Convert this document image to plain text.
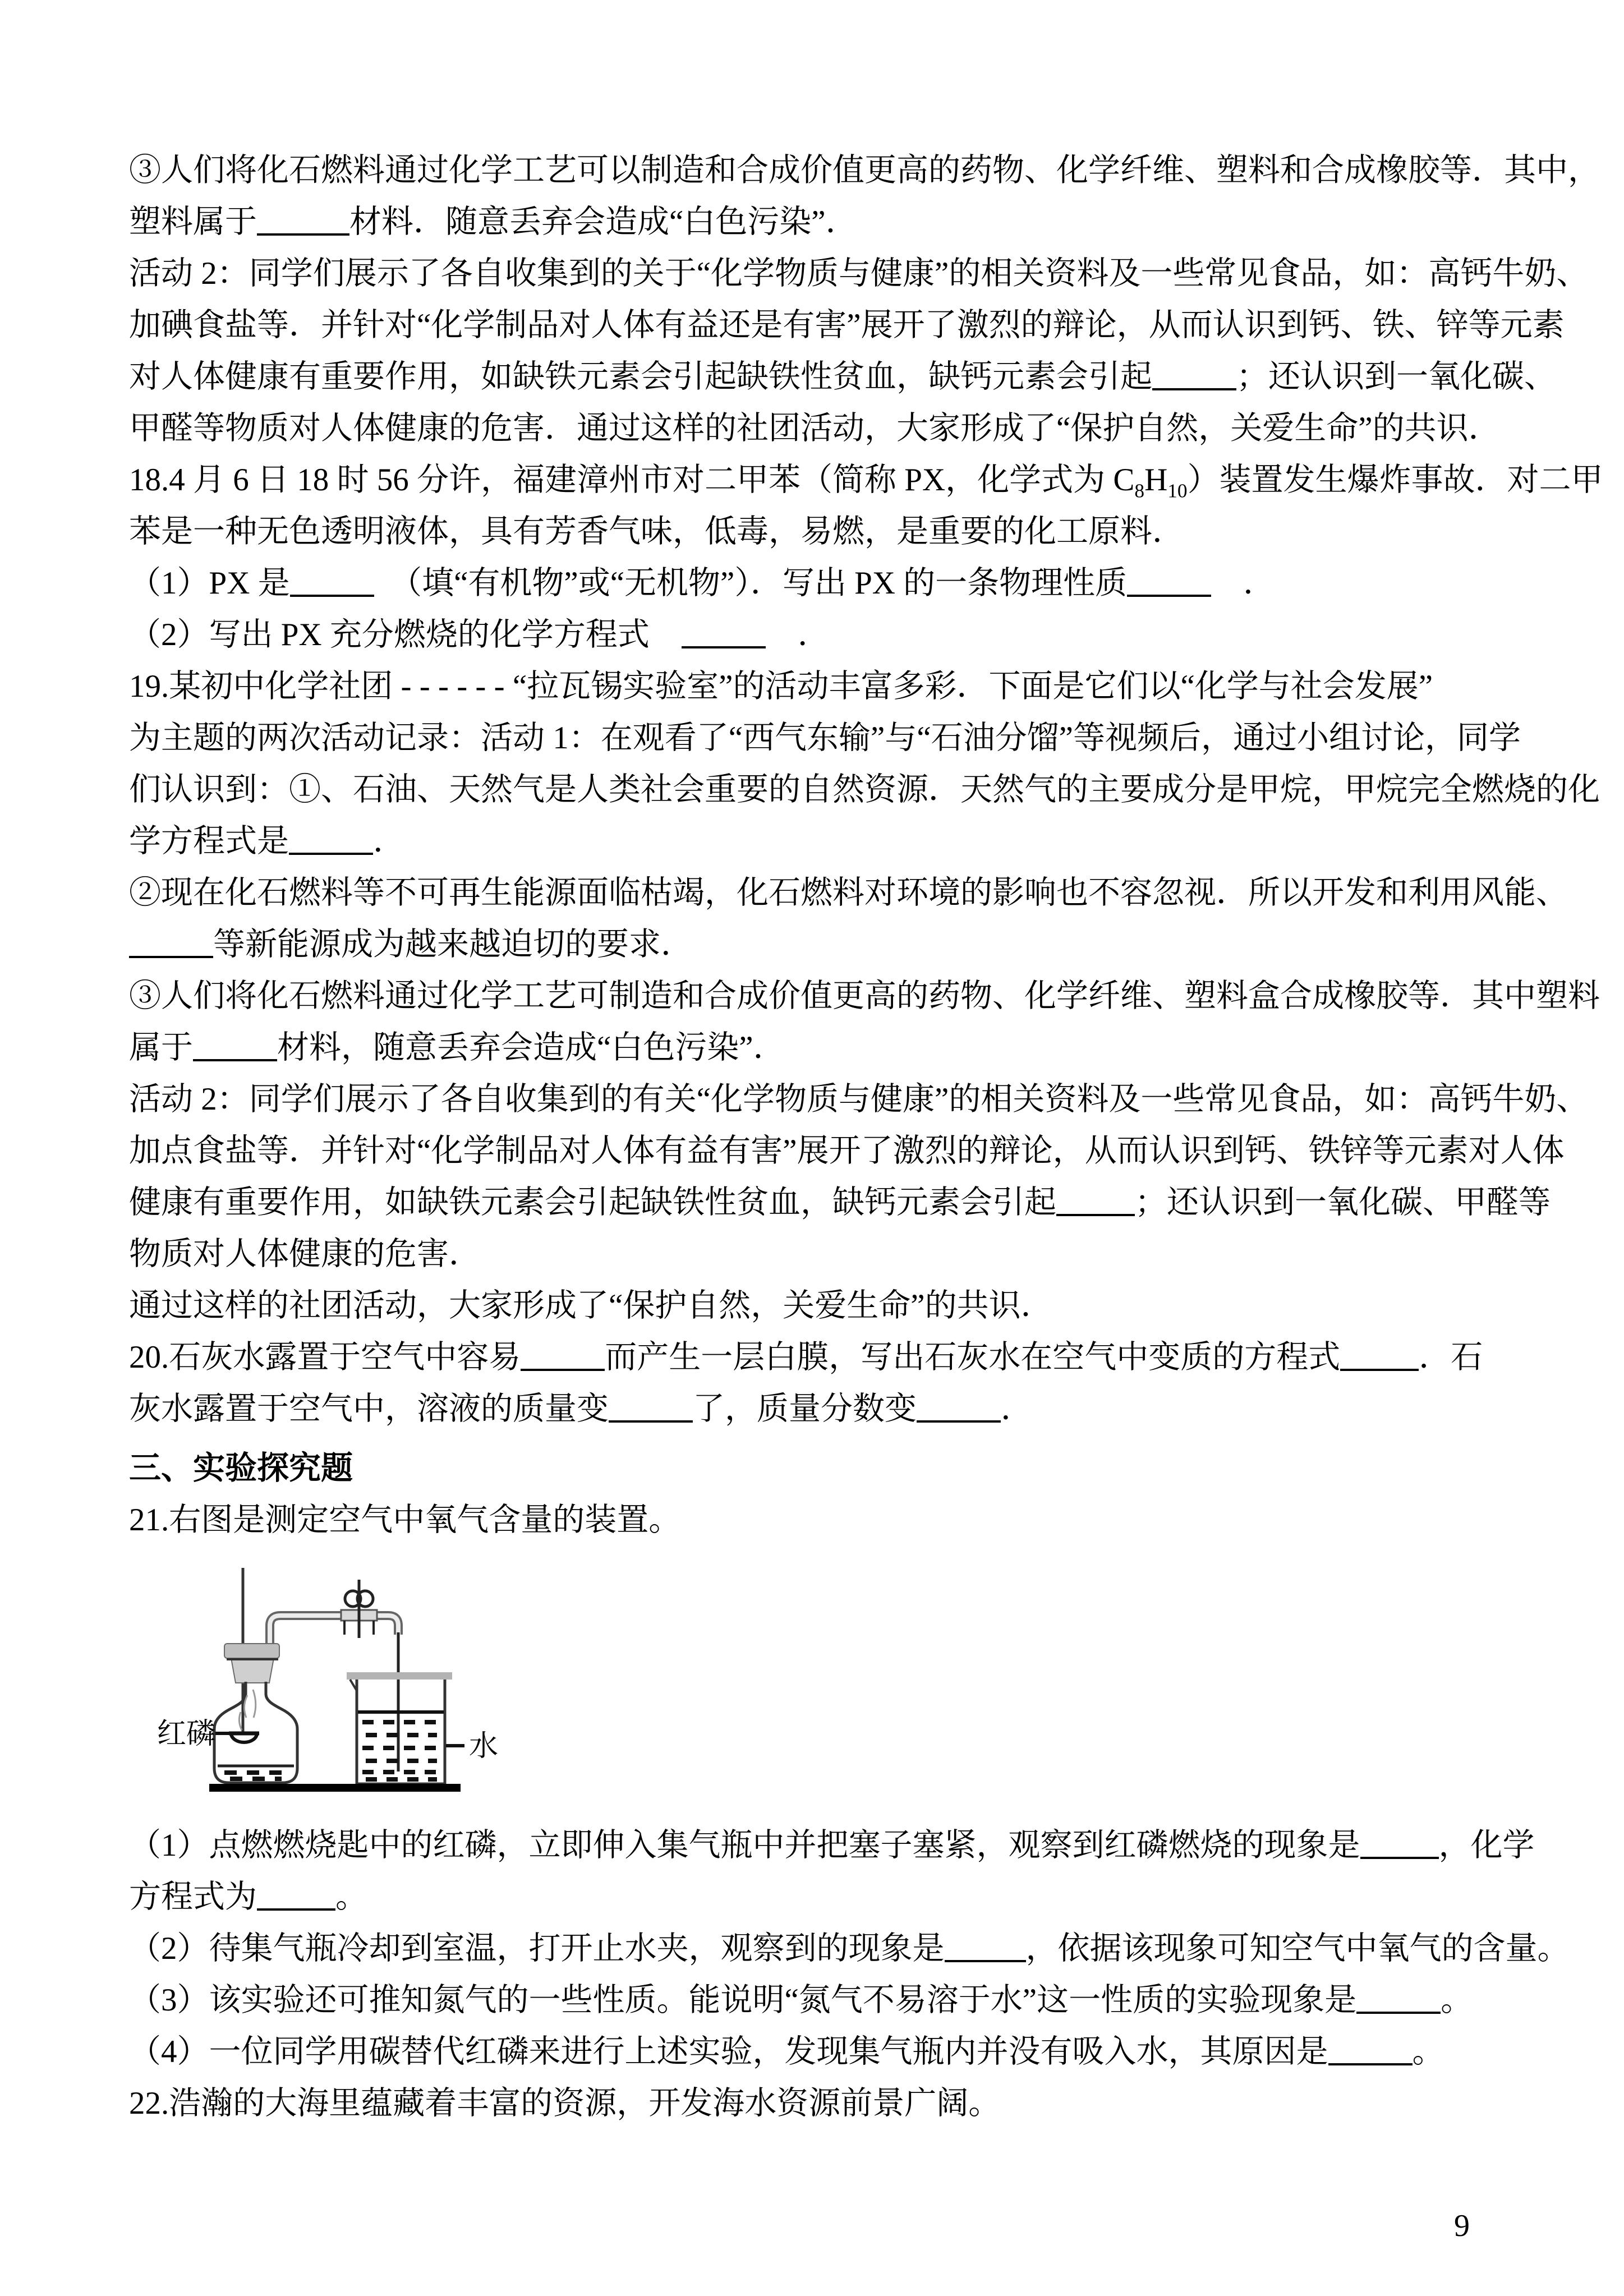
③人们将化石燃料通过化学工艺可以制造和合成价值更高的药物、化学纤维、塑料和合成橡胶等．其中，
塑料属于	材料．随意丢弃会造成“白色污染”．
活动 2：同学们展示了各自收集到的关于“化学物质与健康”的相关资料及一些常见食品，如：高钙牛奶、
加碘食盐等．并针对“化学制品对人体有益还是有害”展开了激烈的辩论，从而认识到钙、铁、锌等元素
对人体健康有重要作用，如缺铁元素会引起缺铁性贫血，缺钙元素会引起	；还认识到一氧化碳、
甲醛等物质对人体健康的危害．通过这样的社团活动，大家形成了“保护自然，关爱生命”的共识．
18.4 月 6 日 18 时 56 分许，福建漳州市对二甲苯（简称 PX，化学式为 $C_8H_{10}$）装置发生爆炸事故．对二甲
苯是一种无色透明液体，具有芳香气味，低毒，易燃，是重要的化工原料．
（1）PX 是	　（填“有机物”或“无机物”）．写出 PX 的一条物理性质	　．
（2）写出 PX 充分燃烧的化学方程式　	　．
19.某初中化学社团 - - - - - - “拉瓦锡实验室”的活动丰富多彩．下面是它们以“化学与社会发展”
为主题的两次活动记录：活动 1：在观看了“西气东输”与“石油分馏”等视频后，通过小组讨论，同学
们认识到：①、石油、天然气是人类社会重要的自然资源．天然气的主要成分是甲烷，甲烷完全燃烧的化
学方程式是	．
②现在化石燃料等不可再生能源面临枯竭，化石燃料对环境的影响也不容忽视．所以开发和利用风能、
等新能源成为越来越迫切的要求．
③人们将化石燃料通过化学工艺可制造和合成价值更高的药物、化学纤维、塑料盒合成橡胶等．其中塑料
属于	材料，随意丢弃会造成“白色污染”．
活动 2：同学们展示了各自收集到的有关“化学物质与健康”的相关资料及一些常见食品，如：高钙牛奶、
加点食盐等．并针对“化学制品对人体有益有害”展开了激烈的辩论，从而认识到钙、铁锌等元素对人体
健康有重要作用，如缺铁元素会引起缺铁性贫血，缺钙元素会引起 ；还认识到一氧化碳、甲醛等
物质对人体健康的危害．
通过这样的社团活动，大家形成了“保护自然，关爱生命”的共识．
20.石灰水露置于空气中容易	而产生一层白膜，写出石灰水在空气中变质的方程式 ．石
灰水露置于空气中，溶液的质量变	了，质量分数变	．
三、实验探究题
21.右图是测定空气中氧气含量的装置。
红磷	水
（1）点燃燃烧匙中的红磷，立即伸入集气瓶中并把塞子塞紧，观察到红磷燃烧的现象是 ，化学
方程式为 。
（2）待集气瓶冷却到室温，打开止水夹，观察到的现象是	，依据该现象可知空气中氧气的含量。
（3）该实验还可推知氮气的一些性质。能说明“氮气不易溶于水”这一性质的实验现象是	。
（4）一位同学用碳替代红磷来进行上述实验，发现集气瓶内并没有吸入水，其原因是	。
22.浩瀚的大海里蕴藏着丰富的资源，开发海水资源前景广阔。
9
